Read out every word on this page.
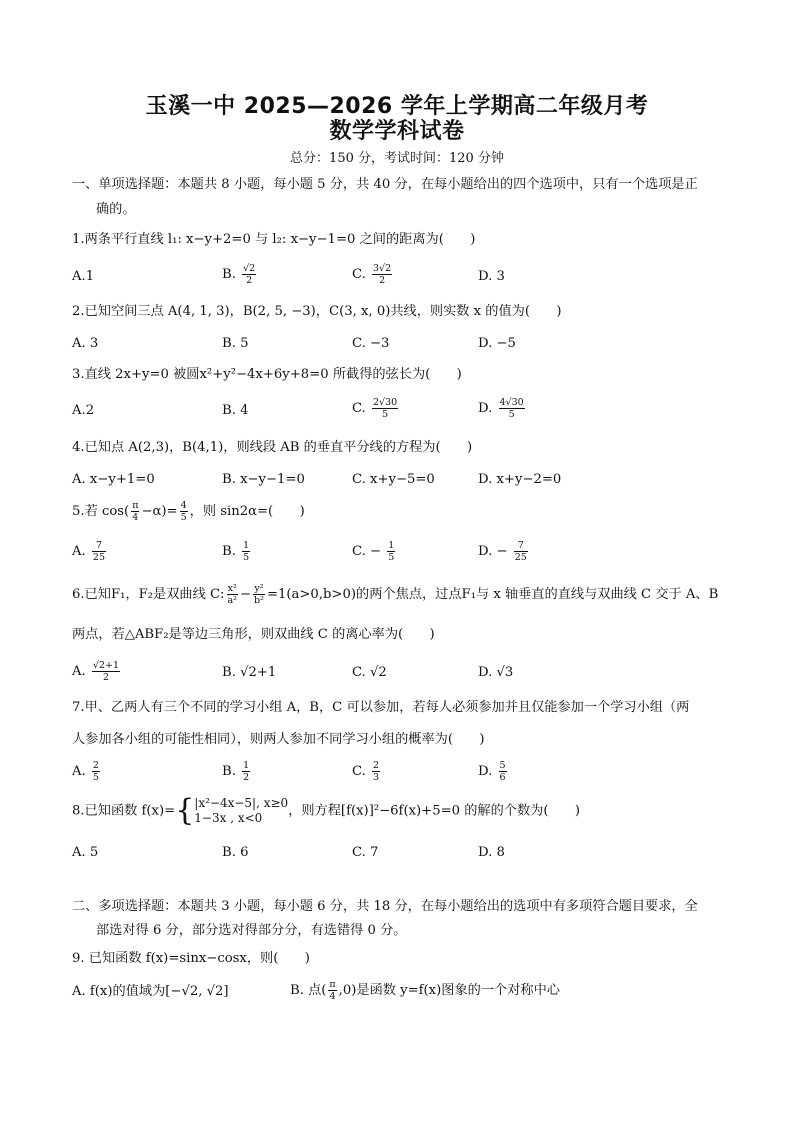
玉溪一中 2025—2026 学年上学期高二年级月考
数学学科试卷
总分：150 分，考试时间：120 分钟
一、单项选择题：本题共 8 小题，每小题 5 分，共 40 分，在每小题给出的四个选项中，只有一个选项是正
确的。
1.两条平行直线 l₁: x−y+2=0 与 l₂: x−y−1=0 之间的距离为(　　)
A.1	B. $\frac{√2}{2}$	C. $\frac{3√2}{2}$	D. 3
2.已知空间三点 A(4, 1, 3)，B(2, 5, −3)，C(3, x, 0)共线，则实数 x 的值为(　　)
A. 3	B. 5	C. −3	D. −5
3.直线 2x+y=0 被圆x²+y²−4x+6y+8=0 所截得的弦长为(　　)
A.2	B. 4	C. $\frac{2√30}{5}$	D. $\frac{4√30}{5}$
4.已知点 A(2,3)，B(4,1)，则线段 AB 的垂直平分线的方程为(　　)
A. x−y+1=0	B. x−y−1=0	C. x+y−5=0	D. x+y−2=0
5.若 $\cos( \frac{\pi}{4} -\alpha)= \frac{4}{5}$ ，则 sin2α=(　　)
A. $\frac{7}{25}$	B. $\frac{1}{5}$	C. − $\frac{1}{5}$	D. − $\frac{7}{25}$
6.已知F₁，F₂是双曲线 C: $\frac{\text{x²}}{\text{a²}} - \frac{\text{y²}}{\text{b²}} =1(a>0,b>0)$的两个焦点，过点F₁与 x 轴垂直的直线与双曲线 C 交于 A、B
两点，若△ABF₂是等边三角形，则双曲线 C 的离心率为(　　)
A. $\frac{√2+1}{2}$	B. √2+1	C. √2	D. √3
7.甲、乙两人有三个不同的学习小组 A，B，C 可以参加，若每人必须参加并且仅能参加一个学习小组（两
人参加各小组的可能性相同），则两人参加不同学习小组的概率为(　　)
A. $\frac{2}{5}$	B. $\frac{1}{2}$	C. $\frac{2}{3}$	D. $\frac{5}{6}$
8.已知函数 f(x)={ |x²−4x−5|, x≥0
1−3x , x<0	，则方程[f(x)]²−6f(x)+5=0 的解的个数为(　　)
A. 5	B. 6	C. 7	D. 8
二、多项选择题：本题共 3 小题，每小题 6 分，共 18 分，在每小题给出的选项中有多项符合题目要求，全
部选对得 6 分，部分选对得部分分，有选错得 0 分。
9. 已知函数 f(x)=sinx−cosx，则(　　)
A. f(x)的值域为[−√2, √2]	B. 点( $\frac{\pi}{4} ,0$)是函数 y=f(x)图象的一个对称中心
